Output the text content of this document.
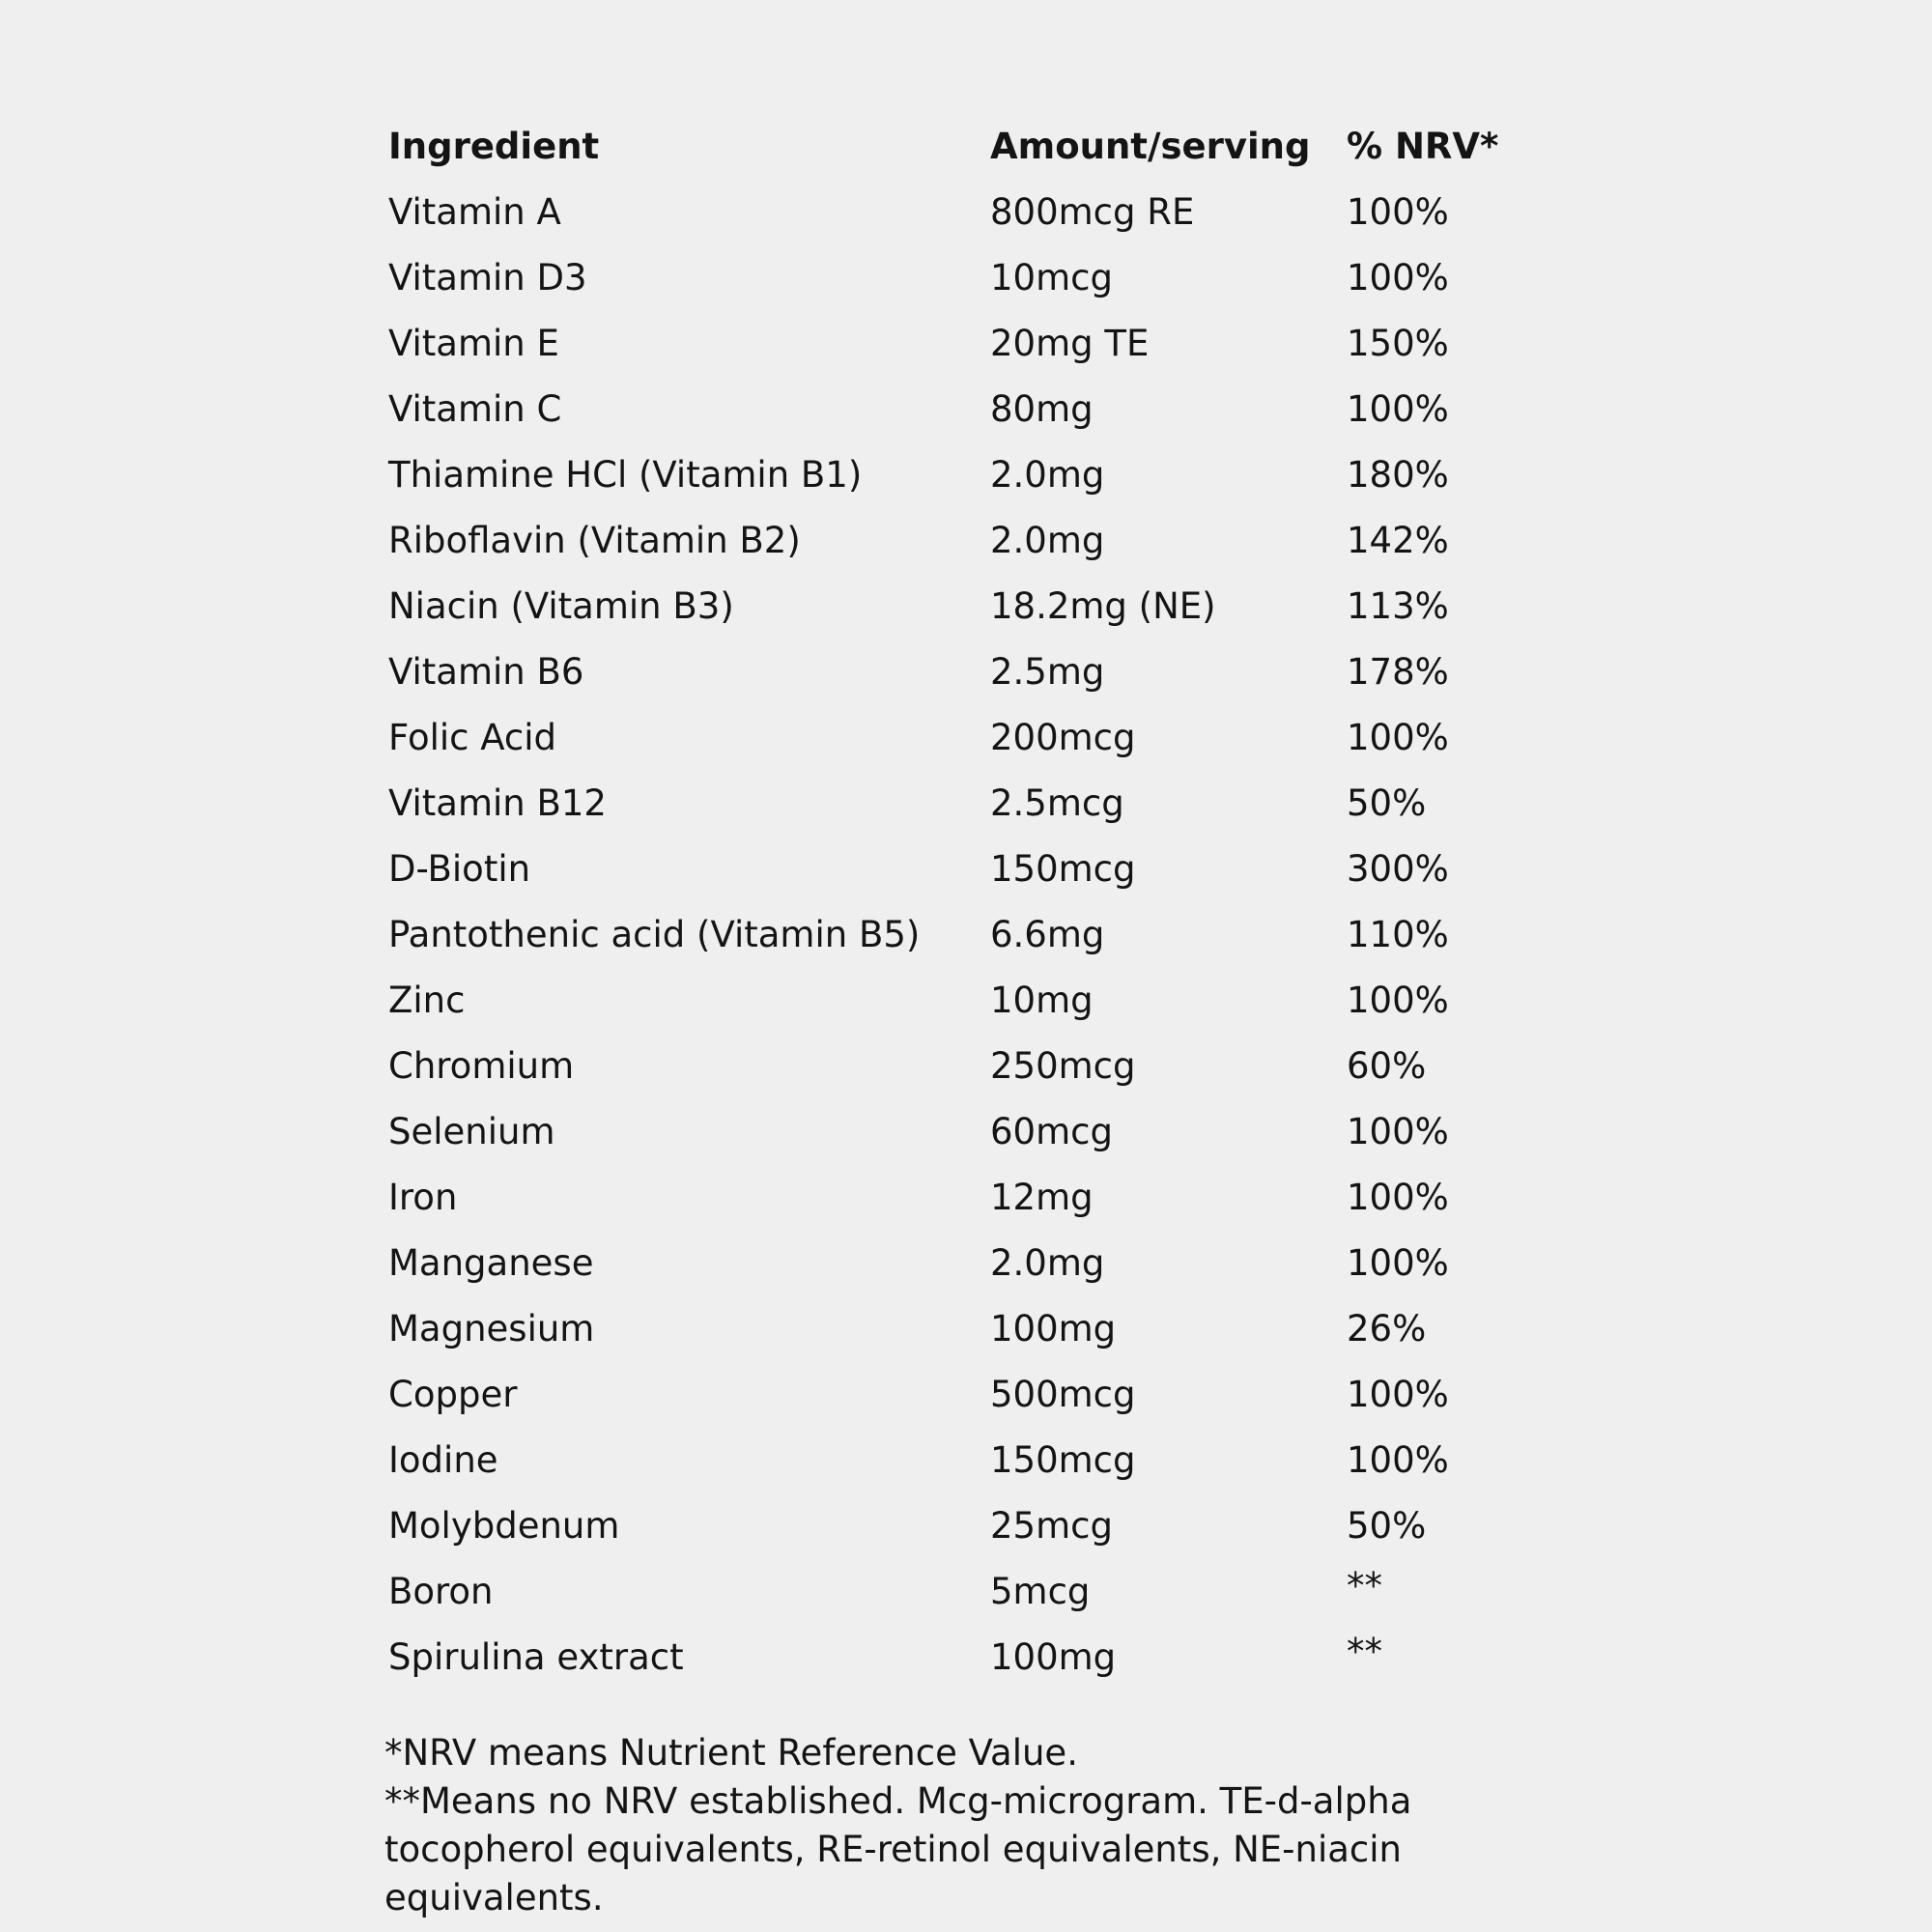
Ingredient	Amount/serving	% NRV*
Vitamin A	800mcg RE	100%
Vitamin D3	10mcg	100%
Vitamin E	20mg TE	150%
Vitamin C	80mg	100%
Thiamine HCl (Vitamin B1)	2.0mg	180%
Riboflavin (Vitamin B2)	2.0mg	142%
Niacin (Vitamin B3)	18.2mg (NE)	113%
Vitamin B6	2.5mg	178%
Folic Acid	200mcg	100%
Vitamin B12	2.5mcg	50%
D-Biotin	150mcg	300%
Pantothenic acid (Vitamin B5)	6.6mg	110%
Zinc	10mg	100%
Chromium	250mcg	60%
Selenium	60mcg	100%
Iron	12mg	100%
Manganese	2.0mg	100%
Magnesium	100mg	26%
Copper	500mcg	100%
Iodine	150mcg	100%
Molybdenum	25mcg	50%
Boron	5mcg	**
Spirulina extract	100mg	**

*NRV means Nutrient Reference Value.

**Means no NRV established. Mcg-microgram. TE-d-alpha tocopherol equivalents, RE-retinol equivalents, NE-niacin equivalents.
